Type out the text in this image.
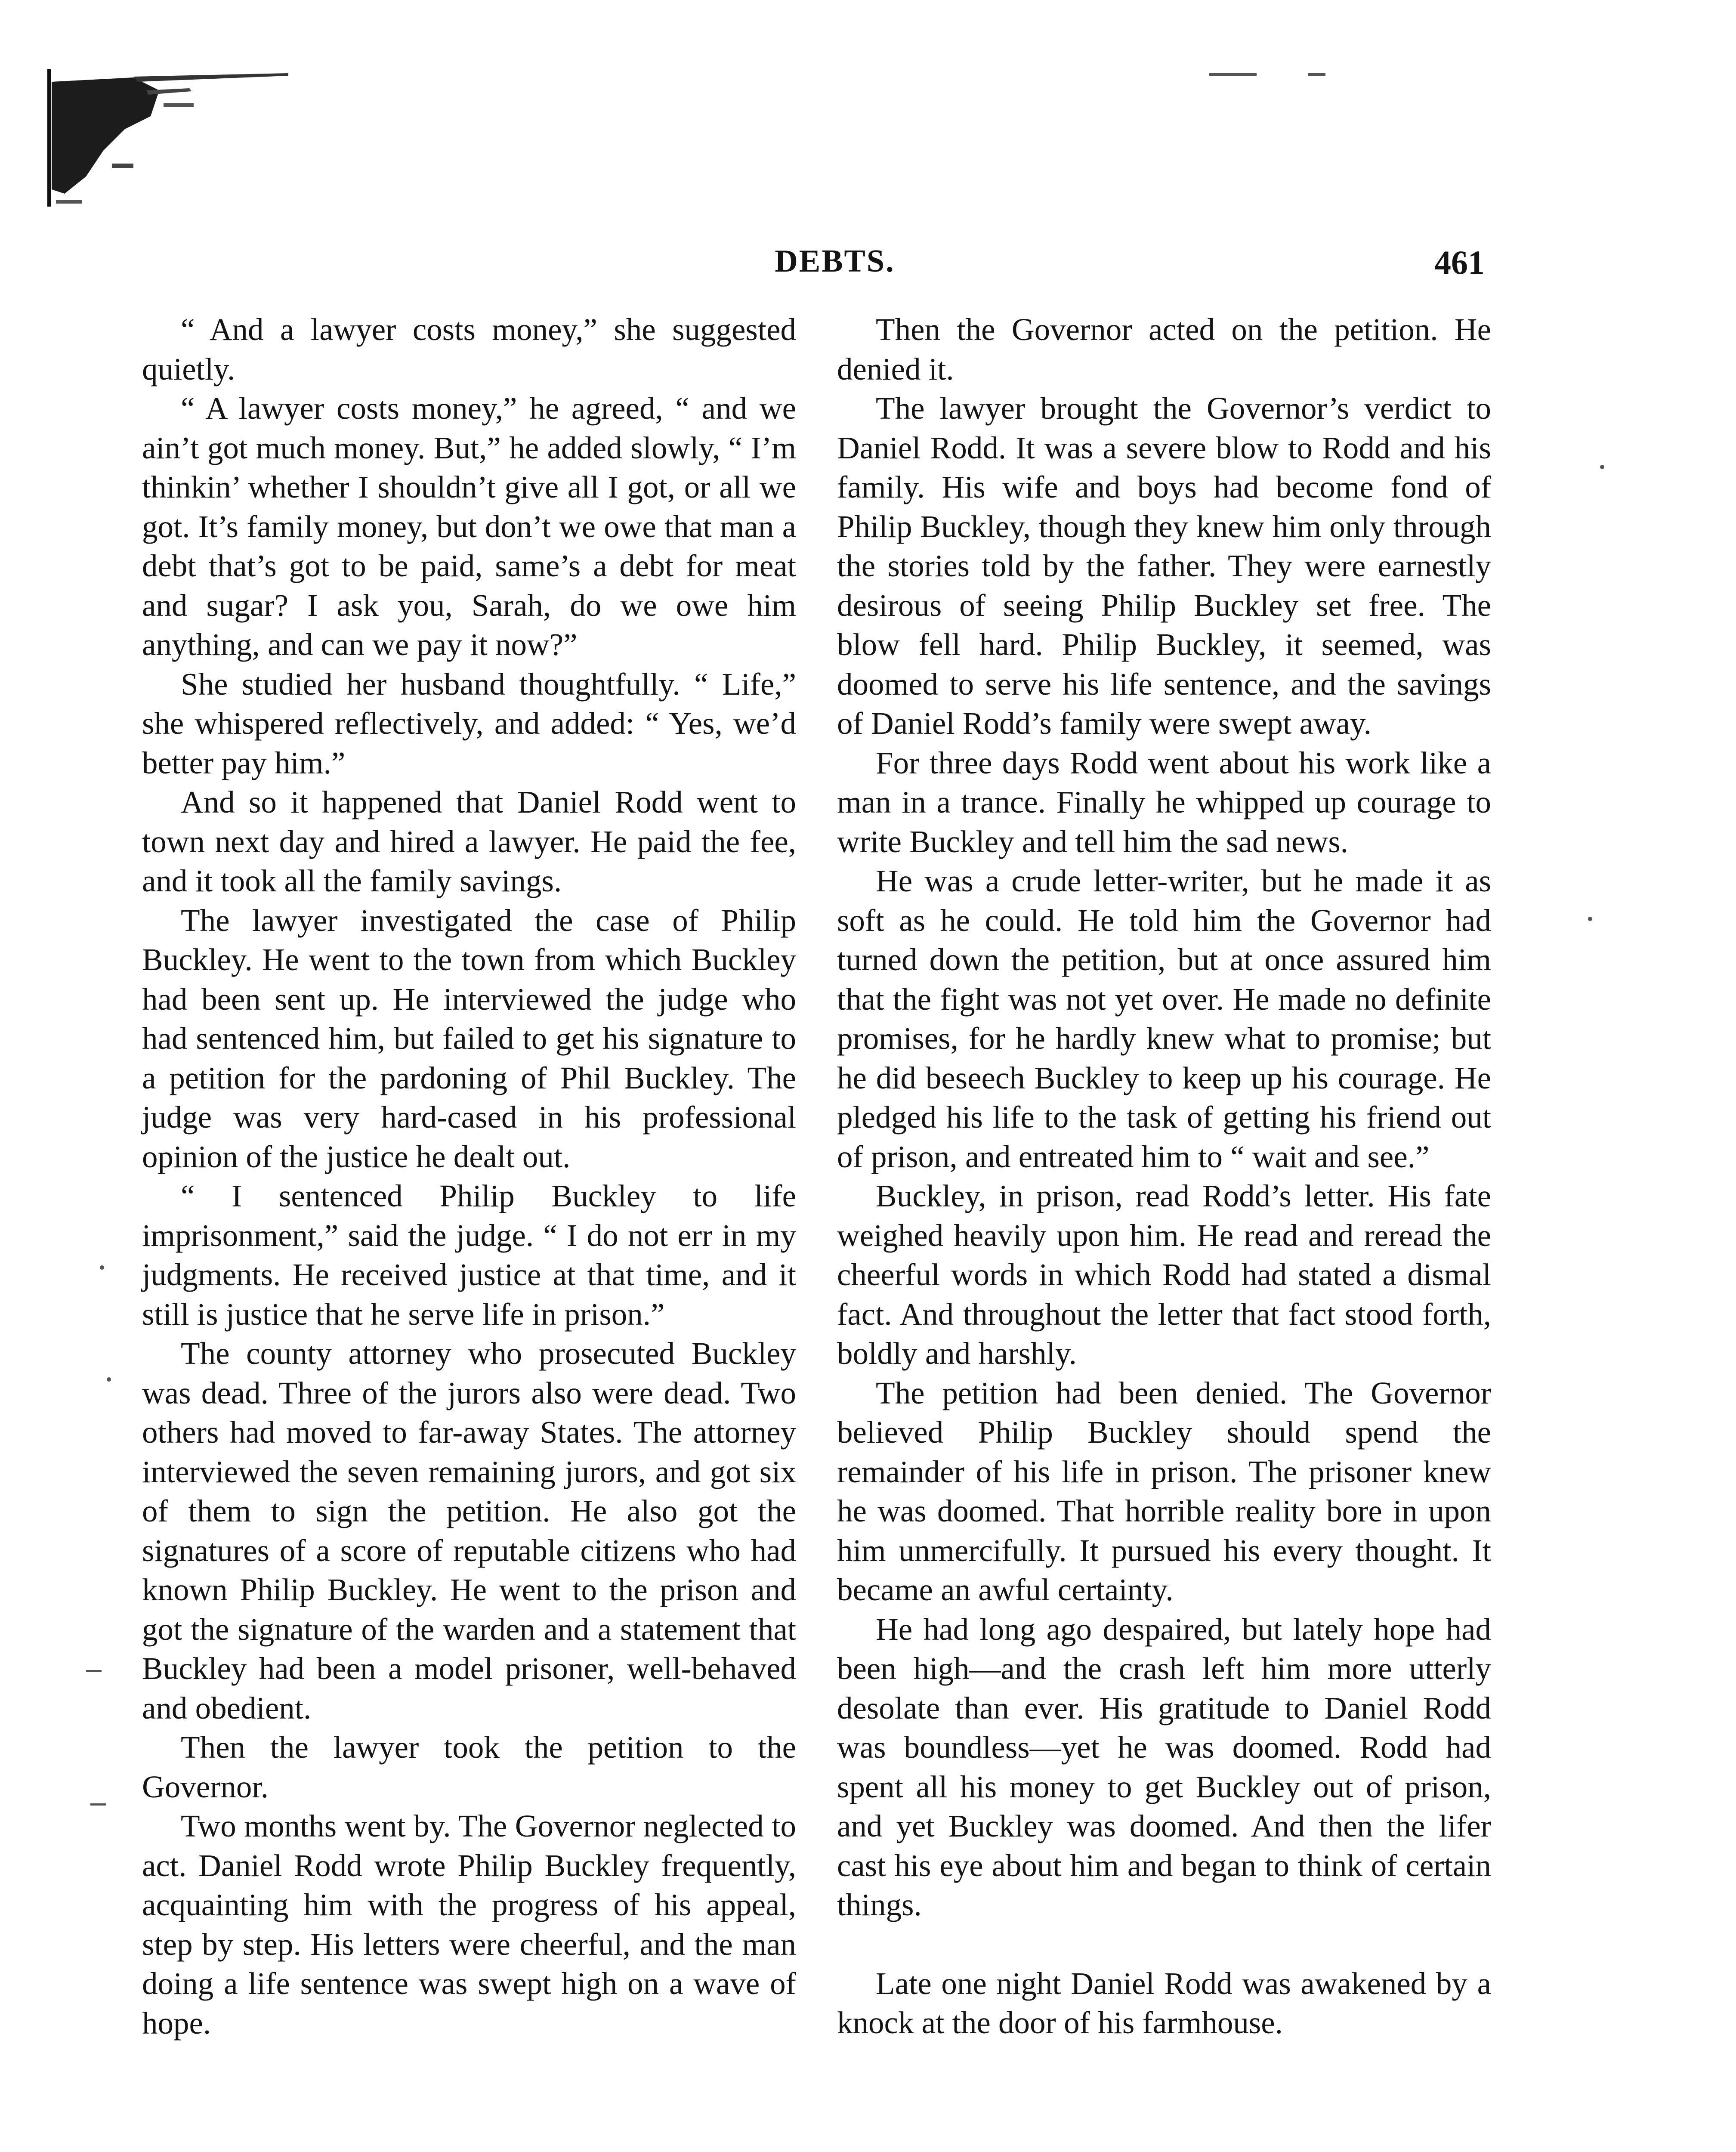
DEBTS.	461

“ And a lawyer costs money,” she suggested quietly.

“ A lawyer costs money,” he agreed, “ and we ain’t got much money. But,” he added slowly, “ I’m thinkin’ whether I shouldn’t give all I got, or all we got. It’s family money, but don’t we owe that man a debt that’s got to be paid, same’s a debt for meat and sugar? I ask you, Sarah, do we owe him anything, and can we pay it now?”

She studied her husband thoughtfully. “ Life,” she whispered reflectively, and added: “ Yes, we’d better pay him.”

And so it happened that Daniel Rodd went to town next day and hired a lawyer. He paid the fee, and it took all the family savings.

The lawyer investigated the case of Philip Buckley. He went to the town from which Buckley had been sent up. He interviewed the judge who had sentenced him, but failed to get his signature to a petition for the pardoning of Phil Buckley. The judge was very hard-cased in his professional opinion of the justice he dealt out.

“ I sentenced Philip Buckley to life imprisonment,” said the judge. “ I do not err in my judgments. He received justice at that time, and it still is justice that he serve life in prison.”

The county attorney who prosecuted Buckley was dead. Three of the jurors also were dead. Two others had moved to far-away States. The attorney interviewed the seven remaining jurors, and got six of them to sign the petition. He also got the signatures of a score of reputable citizens who had known Philip Buckley. He went to the prison and got the signature of the warden and a statement that Buckley had been a model prisoner, well-behaved and obedient.

Then the lawyer took the petition to the Governor.

Two months went by. The Governor neglected to act. Daniel Rodd wrote Philip Buckley frequently, acquainting him with the progress of his appeal, step by step. His letters were cheerful, and the man doing a life sentence was swept high on a wave of hope.

Then the Governor acted on the petition. He denied it.

The lawyer brought the Governor’s verdict to Daniel Rodd. It was a severe blow to Rodd and his family. His wife and boys had become fond of Philip Buckley, though they knew him only through the stories told by the father. They were earnestly desirous of seeing Philip Buckley set free. The blow fell hard. Philip Buckley, it seemed, was doomed to serve his life sentence, and the savings of Daniel Rodd’s family were swept away.

For three days Rodd went about his work like a man in a trance. Finally he whipped up courage to write Buckley and tell him the sad news.

He was a crude letter-writer, but he made it as soft as he could. He told him the Governor had turned down the petition, but at once assured him that the fight was not yet over. He made no definite promises, for he hardly knew what to promise; but he did beseech Buckley to keep up his courage. He pledged his life to the task of getting his friend out of prison, and entreated him to “ wait and see.”

Buckley, in prison, read Rodd’s letter. His fate weighed heavily upon him. He read and reread the cheerful words in which Rodd had stated a dismal fact. And throughout the letter that fact stood forth, boldly and harshly.

The petition had been denied. The Governor believed Philip Buckley should spend the remainder of his life in prison. The prisoner knew he was doomed. That horrible reality bore in upon him unmercifully. It pursued his every thought. It became an awful certainty.

He had long ago despaired, but lately hope had been high—and the crash left him more utterly desolate than ever. His gratitude to Daniel Rodd was boundless—yet he was doomed. Rodd had spent all his money to get Buckley out of prison, and yet Buckley was doomed. And then the lifer cast his eye about him and began to think of certain things.

Late one night Daniel Rodd was awakened by a knock at the door of his farmhouse.
